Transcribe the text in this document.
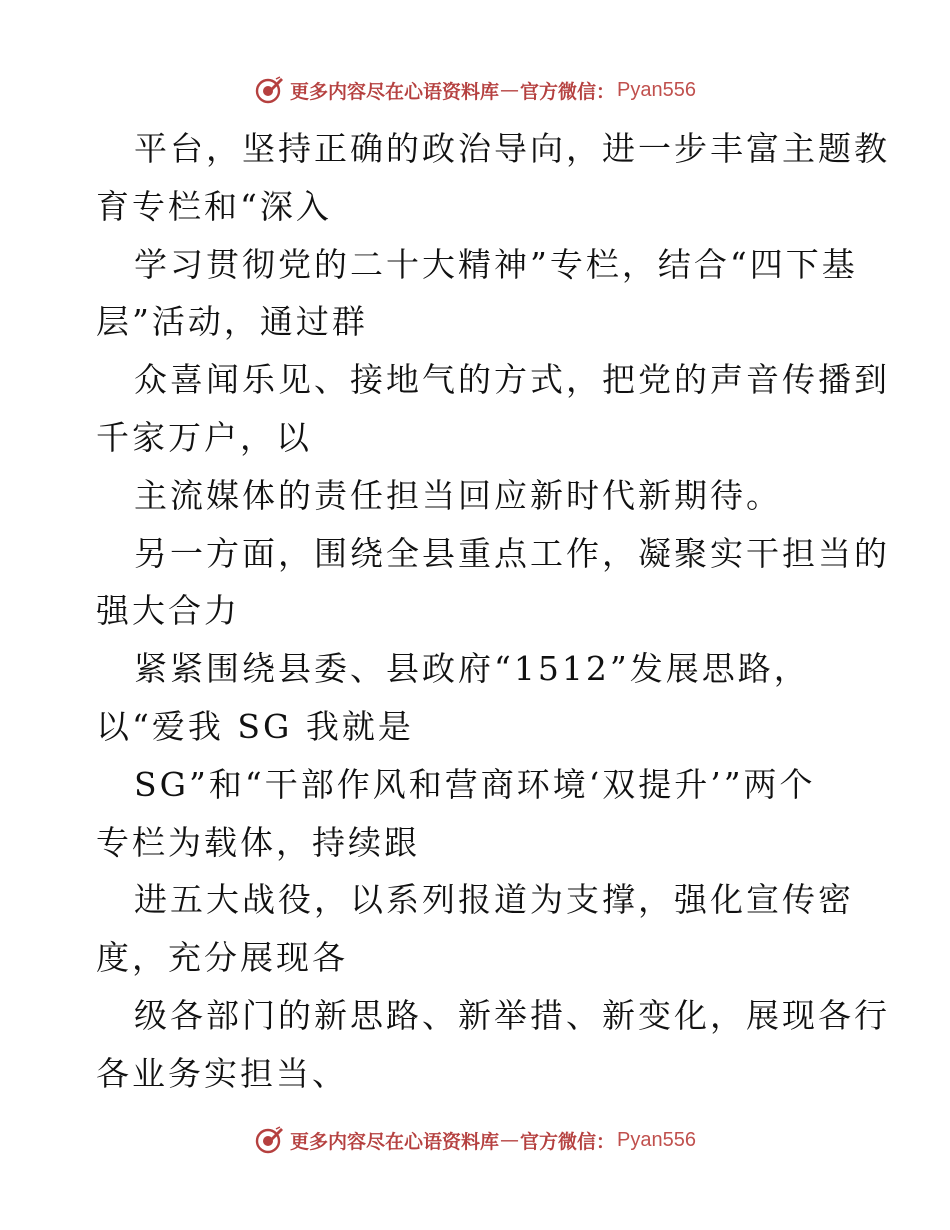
更多内容尽在心语资料库 — 官方微信： Pyan556
平台，坚持正确的政治导向，进一步丰富主题教
育专栏和“深入
学习贯彻党的二十大精神”专栏，结合“四下基
层”活动，通过群
众喜闻乐见、接地气的方式，把党的声音传播到
千家万户，以
主流媒体的责任担当回应新时代新期待。
另一方面，围绕全县重点工作，凝聚实干担当的
强大合力
紧紧围绕县委、县政府“1512”发展思路，
以“爱我 SG 我就是
SG”和“干部作风和营商环境‘双提升’”两个
专栏为载体，持续跟
进五大战役，以系列报道为支撑，强化宣传密
度，充分展现各
级各部门的新思路、新举措、新变化，展现各行
各业务实担当、
更多内容尽在心语资料库 — 官方微信： Pyan556
